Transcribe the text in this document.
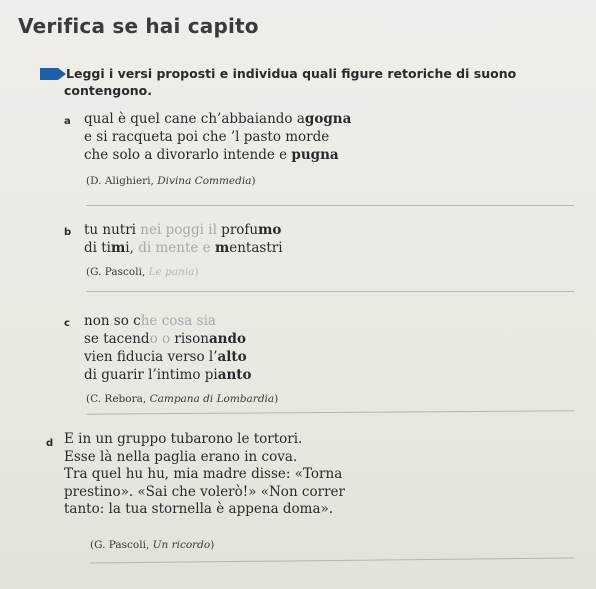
Verifica se hai capito
Leggi i versi proposti e individua quali figure retoriche di suono
contengono.
a qual è quel cane ch’abbaiando agogna
e si racqueta poi che ’l pasto morde
che solo a divorarlo intende e pugna
(D. Alighieri, Divina Commedia)
b tu nutri nei poggi il profumo
di timi, di mente e mentastri
(G. Pascoli, Le pania)
c non so che cosa sia
se tacendo o risonando
vien fiducia verso l’alto
di guarir l’intimo pianto
(C. Rebora, Campana di Lombardia)
d E in un gruppo tubarono le tortori.
Esse là nella paglia erano in cova.
Tra quel hu hu, mia madre disse: «Torna
prestino». «Sai che volerò!» «Non correr
tanto: la tua stornella è appena doma».
(G. Pascoli, Un ricordo)
